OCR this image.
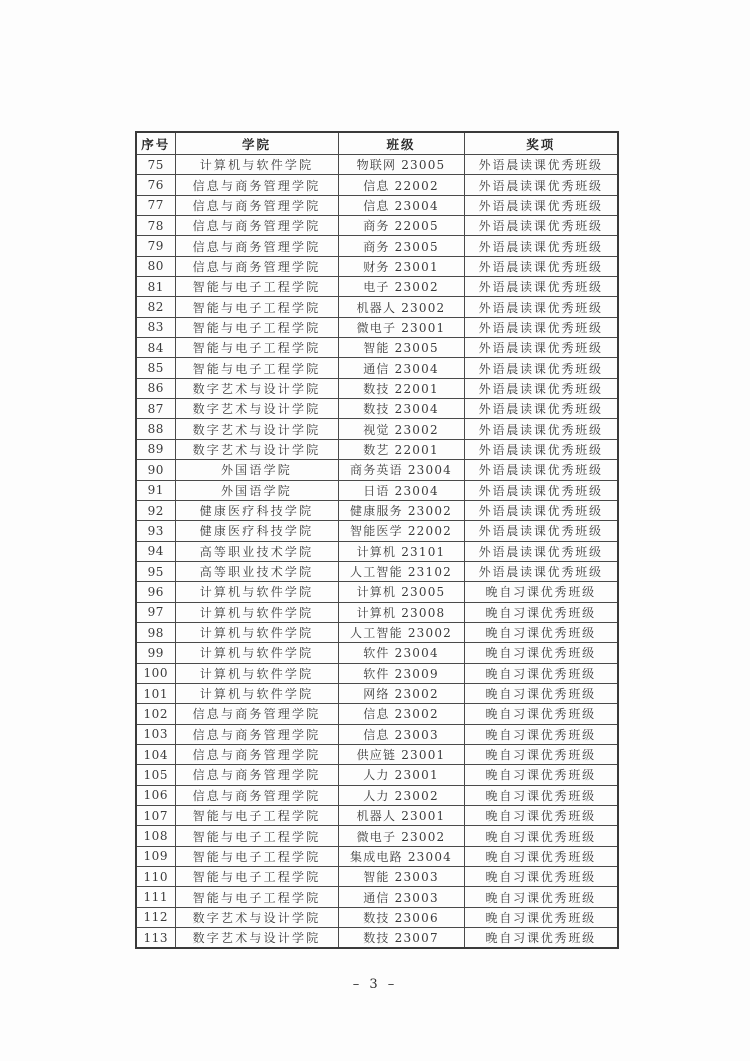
序号	学院	班级	奖项
75	计算机与软件学院	物联网 23005	外语晨读课优秀班级
76	信息与商务管理学院	信息 22002	外语晨读课优秀班级
77	信息与商务管理学院	信息 23004	外语晨读课优秀班级
78	信息与商务管理学院	商务 22005	外语晨读课优秀班级
79	信息与商务管理学院	商务 23005	外语晨读课优秀班级
80	信息与商务管理学院	财务 23001	外语晨读课优秀班级
81	智能与电子工程学院	电子 23002	外语晨读课优秀班级
82	智能与电子工程学院	机器人 23002	外语晨读课优秀班级
83	智能与电子工程学院	微电子 23001	外语晨读课优秀班级
84	智能与电子工程学院	智能 23005	外语晨读课优秀班级
85	智能与电子工程学院	通信 23004	外语晨读课优秀班级
86	数字艺术与设计学院	数技 22001	外语晨读课优秀班级
87	数字艺术与设计学院	数技 23004	外语晨读课优秀班级
88	数字艺术与设计学院	视觉 23002	外语晨读课优秀班级
89	数字艺术与设计学院	数艺 22001	外语晨读课优秀班级
90	外国语学院	商务英语 23004	外语晨读课优秀班级
91	外国语学院	日语 23004	外语晨读课优秀班级
92	健康医疗科技学院	健康服务 23002	外语晨读课优秀班级
93	健康医疗科技学院	智能医学 22002	外语晨读课优秀班级
94	高等职业技术学院	计算机 23101	外语晨读课优秀班级
95	高等职业技术学院	人工智能 23102	外语晨读课优秀班级
96	计算机与软件学院	计算机 23005	晚自习课优秀班级
97	计算机与软件学院	计算机 23008	晚自习课优秀班级
98	计算机与软件学院	人工智能 23002	晚自习课优秀班级
99	计算机与软件学院	软件 23004	晚自习课优秀班级
100	计算机与软件学院	软件 23009	晚自习课优秀班级
101	计算机与软件学院	网络 23002	晚自习课优秀班级
102	信息与商务管理学院	信息 23002	晚自习课优秀班级
103	信息与商务管理学院	信息 23003	晚自习课优秀班级
104	信息与商务管理学院	供应链 23001	晚自习课优秀班级
105	信息与商务管理学院	人力 23001	晚自习课优秀班级
106	信息与商务管理学院	人力 23002	晚自习课优秀班级
107	智能与电子工程学院	机器人 23001	晚自习课优秀班级
108	智能与电子工程学院	微电子 23002	晚自习课优秀班级
109	智能与电子工程学院	集成电路 23004	晚自习课优秀班级
110	智能与电子工程学院	智能 23003	晚自习课优秀班级
111	智能与电子工程学院	通信 23003	晚自习课优秀班级
112	数字艺术与设计学院	数技 23006	晚自习课优秀班级
113	数字艺术与设计学院	数技 23007	晚自习课优秀班级
– 3 –
